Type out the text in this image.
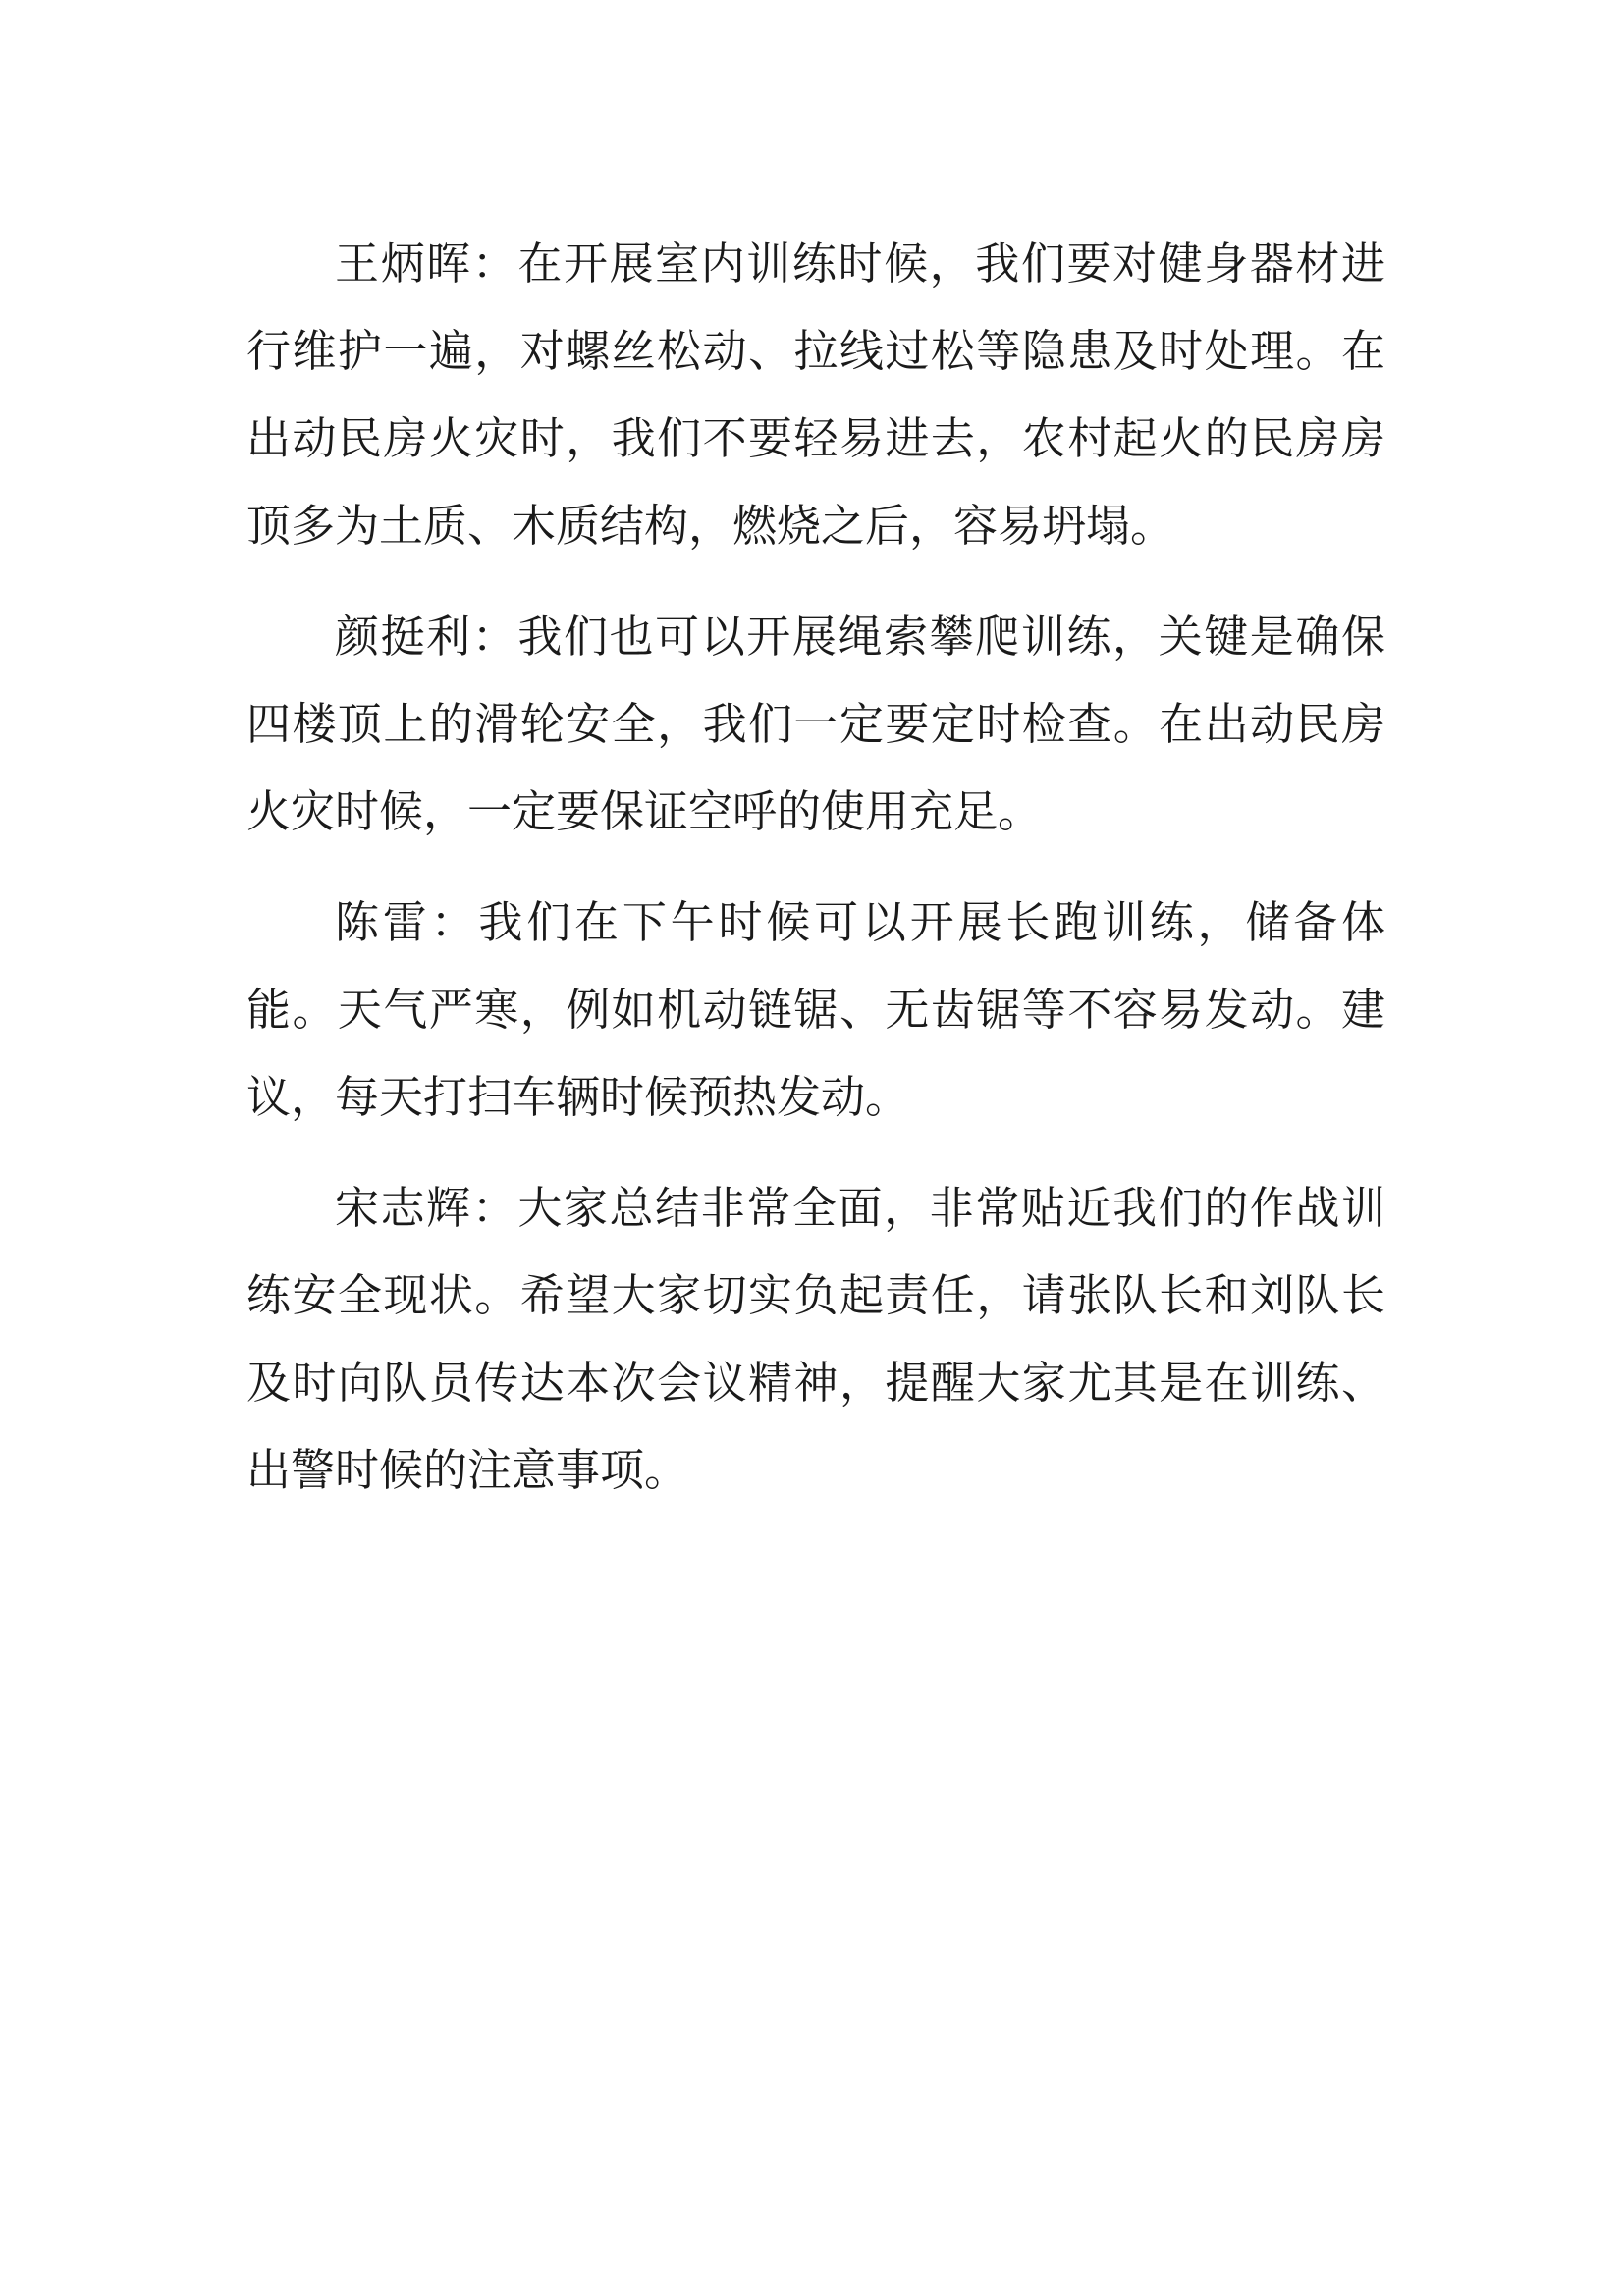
王炳晖：在开展室内训练时候，我们要对健身器材进行维护一遍，对螺丝松动、拉线过松等隐患及时处理。在出动民房火灾时，我们不要轻易进去，农村起火的民房房顶多为土质、木质结构，燃烧之后，容易坍塌。

颜挺利：我们也可以开展绳索攀爬训练，关键是确保四楼顶上的滑轮安全，我们一定要定时检查。在出动民房火灾时候，一定要保证空呼的使用充足。

陈雷：我们在下午时候可以开展长跑训练，储备体能。天气严寒，例如机动链锯、无齿锯等不容易发动。建议，每天打扫车辆时候预热发动。

宋志辉：大家总结非常全面，非常贴近我们的作战训练安全现状。希望大家切实负起责任，请张队长和刘队长及时向队员传达本次会议精神，提醒大家尤其是在训练、出警时候的注意事项。
